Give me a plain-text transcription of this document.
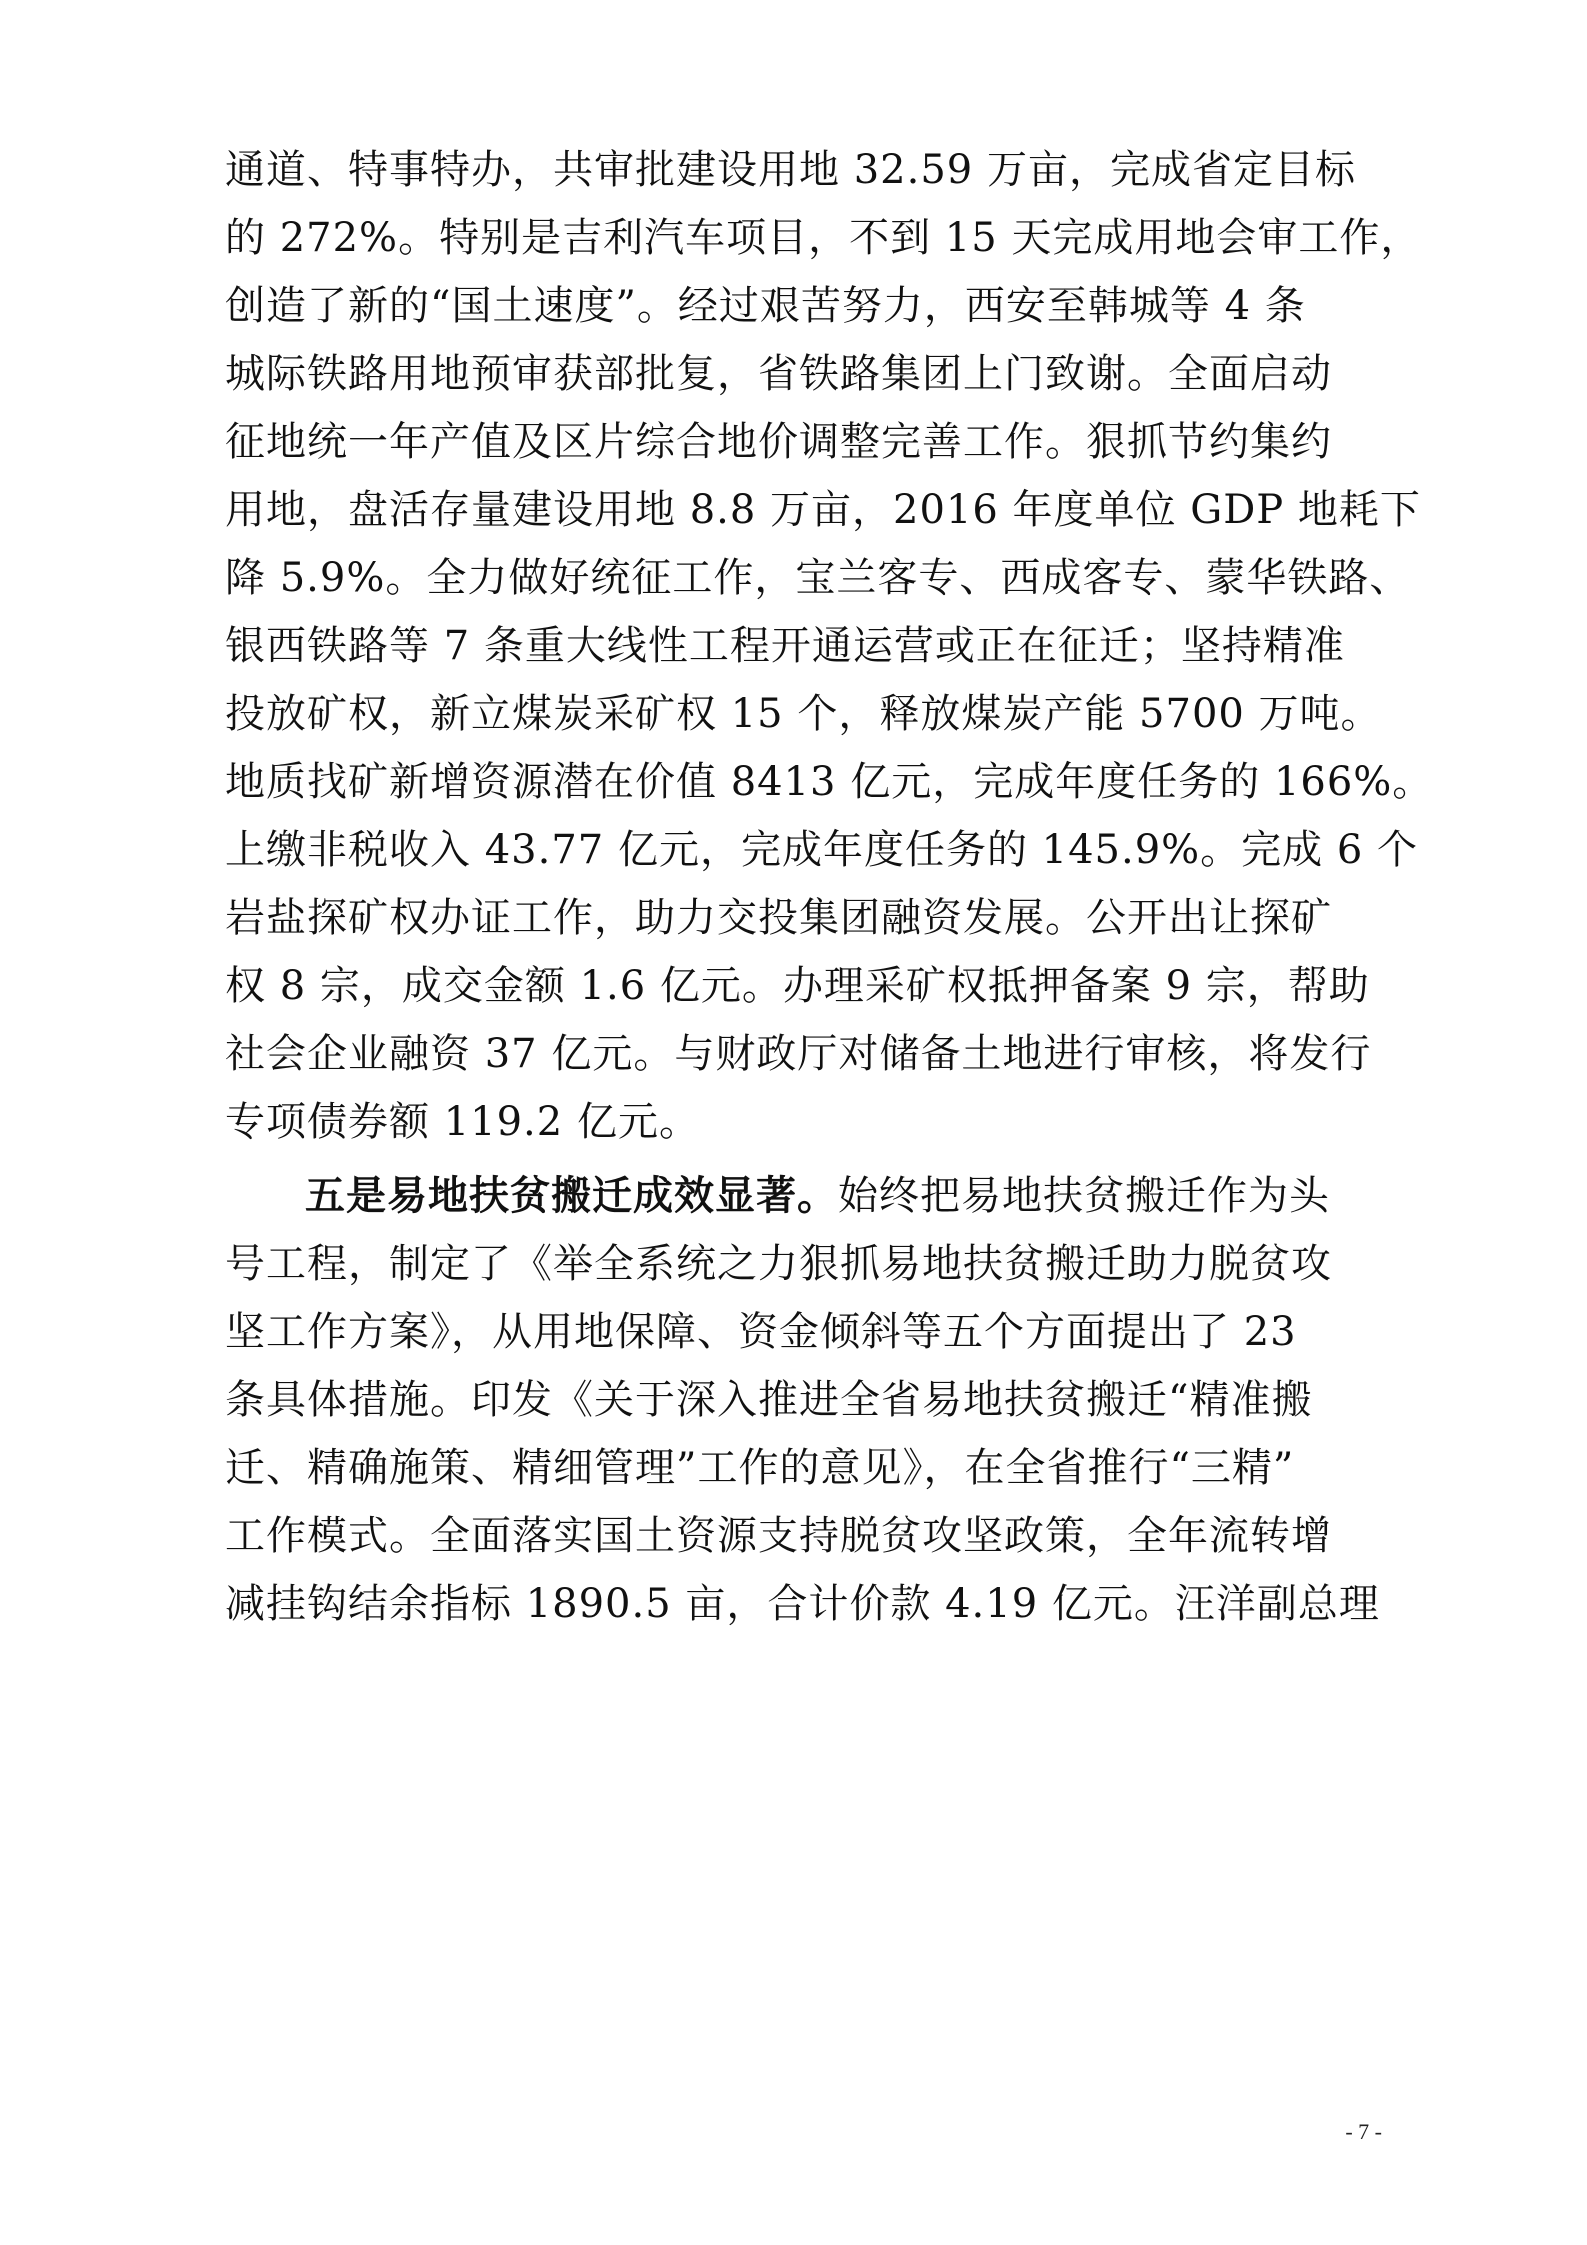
通道、特事特办，共审批建设用地 32.59 万亩，完成省定目标
的 272%。特别是吉利汽车项目，不到 15 天完成用地会审工作，
创造了新的“国土速度”。经过艰苦努力，西安至韩城等 4 条
城际铁路用地预审获部批复，省铁路集团上门致谢。全面启动
征地统一年产值及区片综合地价调整完善工作。狠抓节约集约
用地，盘活存量建设用地 8.8 万亩，2016 年度单位 GDP 地耗下
降 5.9%。全力做好统征工作，宝兰客专、西成客专、蒙华铁路、
银西铁路等 7 条重大线性工程开通运营或正在征迁；坚持精准
投放矿权，新立煤炭采矿权 15 个，释放煤炭产能 5700 万吨。
地质找矿新增资源潜在价值 8413 亿元，完成年度任务的 166%。
上缴非税收入 43.77 亿元，完成年度任务的 145.9%。完成 6 个
岩盐探矿权办证工作，助力交投集团融资发展。公开出让探矿
权 8 宗，成交金额 1.6 亿元。办理采矿权抵押备案 9 宗，帮助
社会企业融资 37 亿元。与财政厅对储备土地进行审核，将发行
专项债券额 119.2 亿元。
五是易地扶贫搬迁成效显著。始终把易地扶贫搬迁作为头
号工程，制定了《举全系统之力狠抓易地扶贫搬迁助力脱贫攻
坚工作方案》，从用地保障、资金倾斜等五个方面提出了 23
条具体措施。印发《关于深入推进全省易地扶贫搬迁“精准搬
迁、精确施策、精细管理”工作的意见》，在全省推行“三精”
工作模式。全面落实国土资源支持脱贫攻坚政策，全年流转增
减挂钩结余指标 1890.5 亩，合计价款 4.19 亿元。汪洋副总理
- 7 -
